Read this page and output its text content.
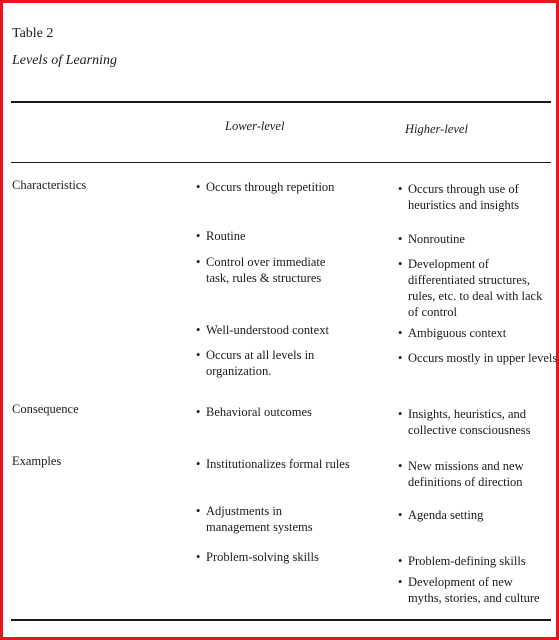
Table 2
Levels of Learning
Lower-level	Higher-level
Characteristics
Consequence
Examples
• Occurs through repetition
• Routine
• Control over immediate task, rules & structures
• Well-understood context
• Occurs at all levels in organization.
• Occurs through use of heuristics and insights
• Nonroutine
• Development of differentiated structures, rules, etc. to deal with lack of control
• Ambiguous context
• Occurs mostly in upper levels
• Behavioral outcomes
•	Insights, heuristics, and collective consciousness
• Institutionalizes formal rules
• Adjustments in management systems
• Problem-solving skills
• New missions and new definitions of direction
• Agenda setting
• Problem-defining skills
• Development of new myths, stories, and culture
